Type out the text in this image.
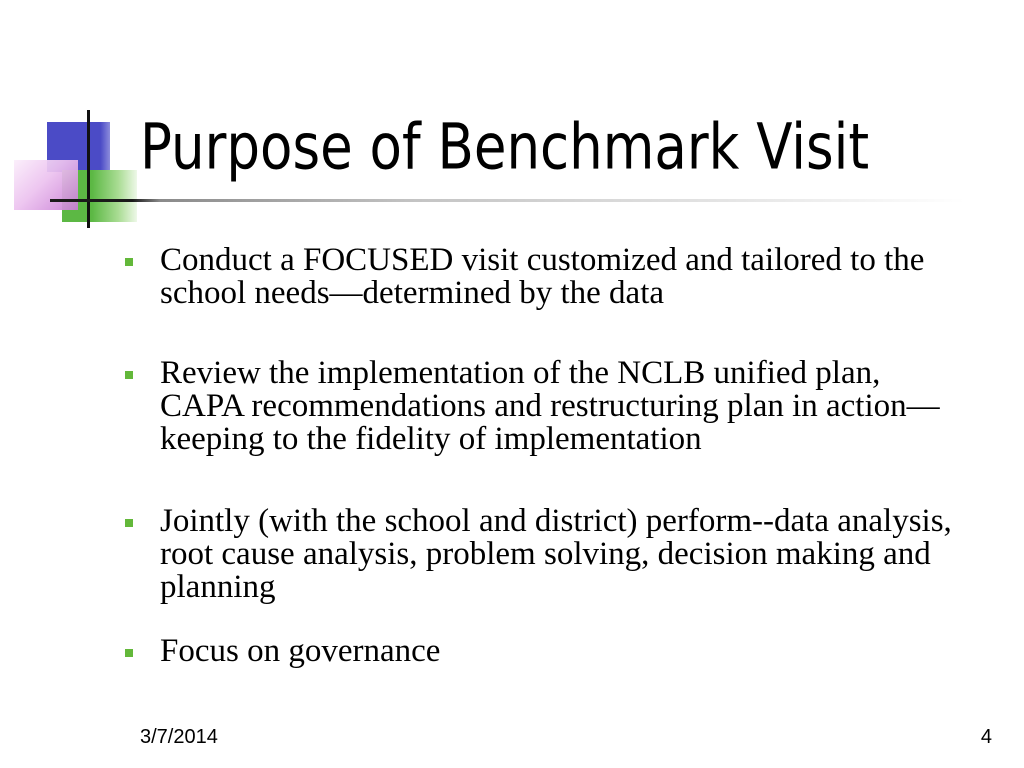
Purpose of Benchmark Visit
Conduct a FOCUSED visit customized and tailored to the school needs—determined by the data
Review the implementation of the NCLB unified plan, CAPA recommendations and restructuring plan in action—keeping to the fidelity of implementation
Jointly (with the school and district) perform--data analysis, root cause analysis, problem solving, decision making and planning
Focus on governance
3/7/2014	4
